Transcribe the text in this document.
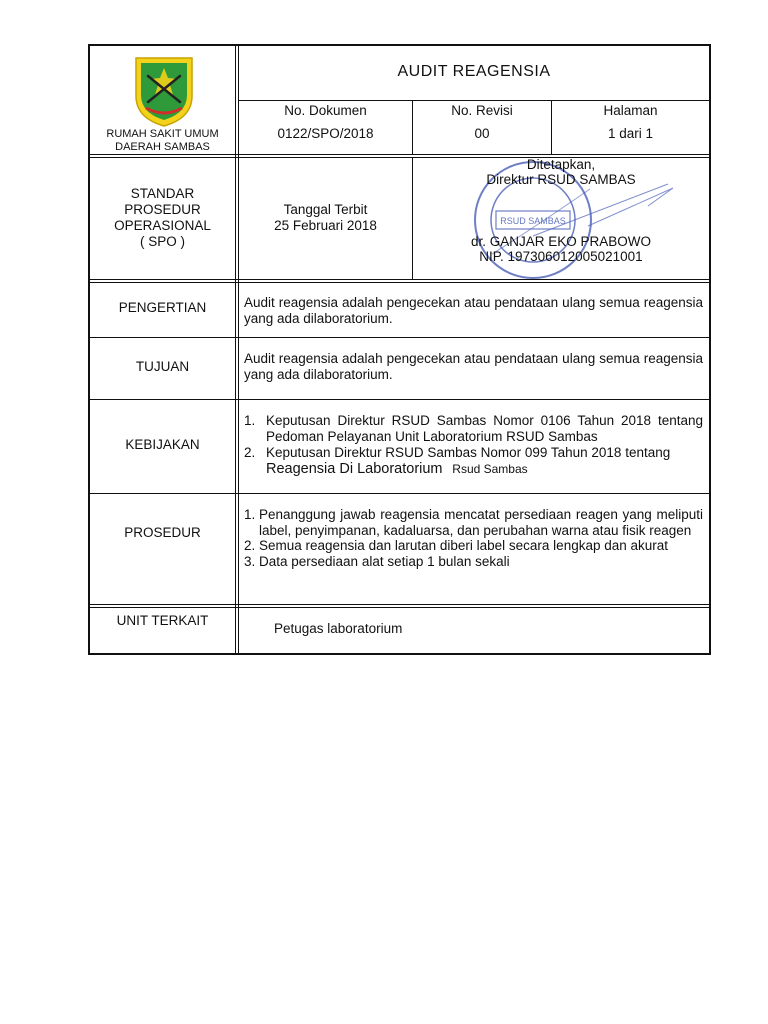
RUMAH SAKIT UMUM
DAERAH SAMBAS
AUDIT REAGENSIA
No. Dokumen
0122/SPO/2018
No. Revisi
00
Halaman
1 dari 1
STANDAR
PROSEDUR
OPERASIONAL
( SPO )
Tanggal Terbit
25 Februari 2018	RSUD SAMBAS
Ditetapkan,
Direktur RSUD SAMBAS
dr. GANJAR EKO PRABOWO
NIP. 197306012005021001
PENGERTIAN	Audit reagensia adalah pengecekan atau pendataan ulang semua reagensia yang ada dilaboratorium.
TUJUAN
Audit reagensia adalah pengecekan atau pendataan ulang semua reagensia yang ada dilaboratorium.
KEBIJAKAN
1. Keputusan Direktur RSUD Sambas Nomor 0106 Tahun 2018 tentang Pedoman Pelayanan Unit Laboratorium RSUD Sambas
2. Keputusan Direktur RSUD Sambas Nomor 099 Tahun 2018 tentang
Reagensia Di Laboratorium Rsud Sambas
PROSEDUR
1. Penanggung jawab reagensia mencatat persediaan reagen yang meliputi label, penyimpanan, kadaluarsa, dan perubahan warna atau fisik reagen
2. Semua reagensia dan larutan diberi label secara lengkap dan akurat
3. Data persediaan alat setiap 1 bulan sekali
UNIT TERKAIT
Petugas laboratorium
